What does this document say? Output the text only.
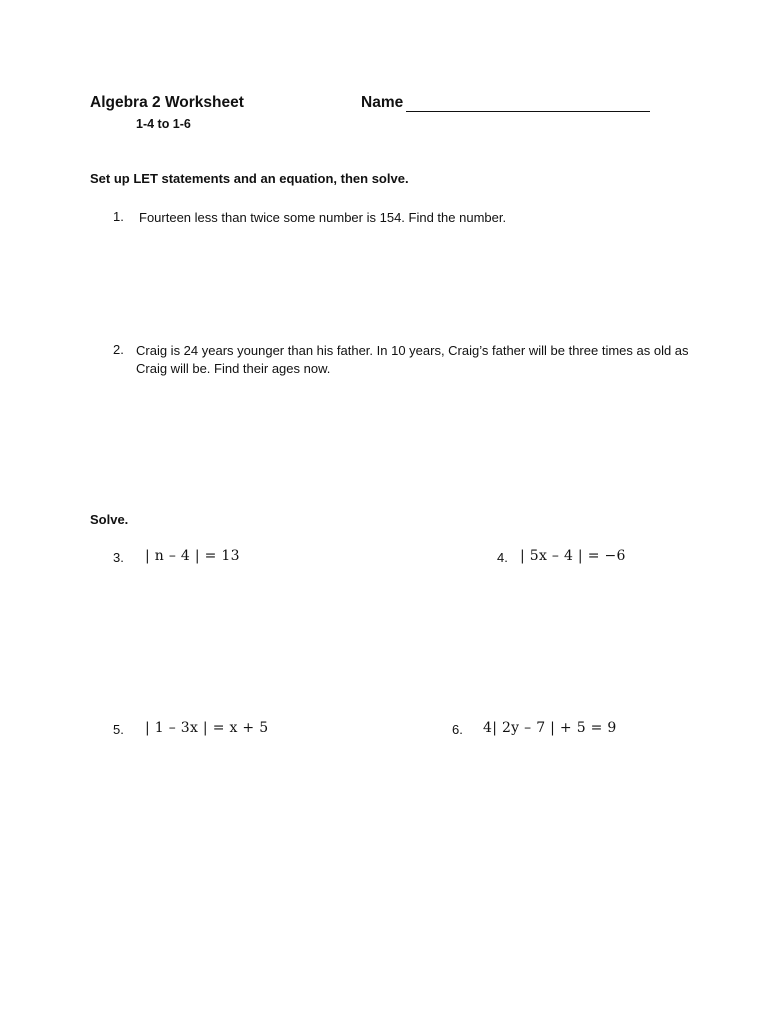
Algebra 2 Worksheet	Name
1-4 to 1-6
Set up LET statements and an equation, then solve.
1. Fourteen less than twice some number is 154. Find the number.
2. Craig is 24 years younger than his father. In 10 years, Craig’s father will be three times as old as Craig will be. Find their ages now.
Solve.
3. | n – 4 | = 13	4. | 5x – 4 | = −6
5. | 1 – 3x | = x + 5	6. 4| 2y – 7 | + 5 = 9
